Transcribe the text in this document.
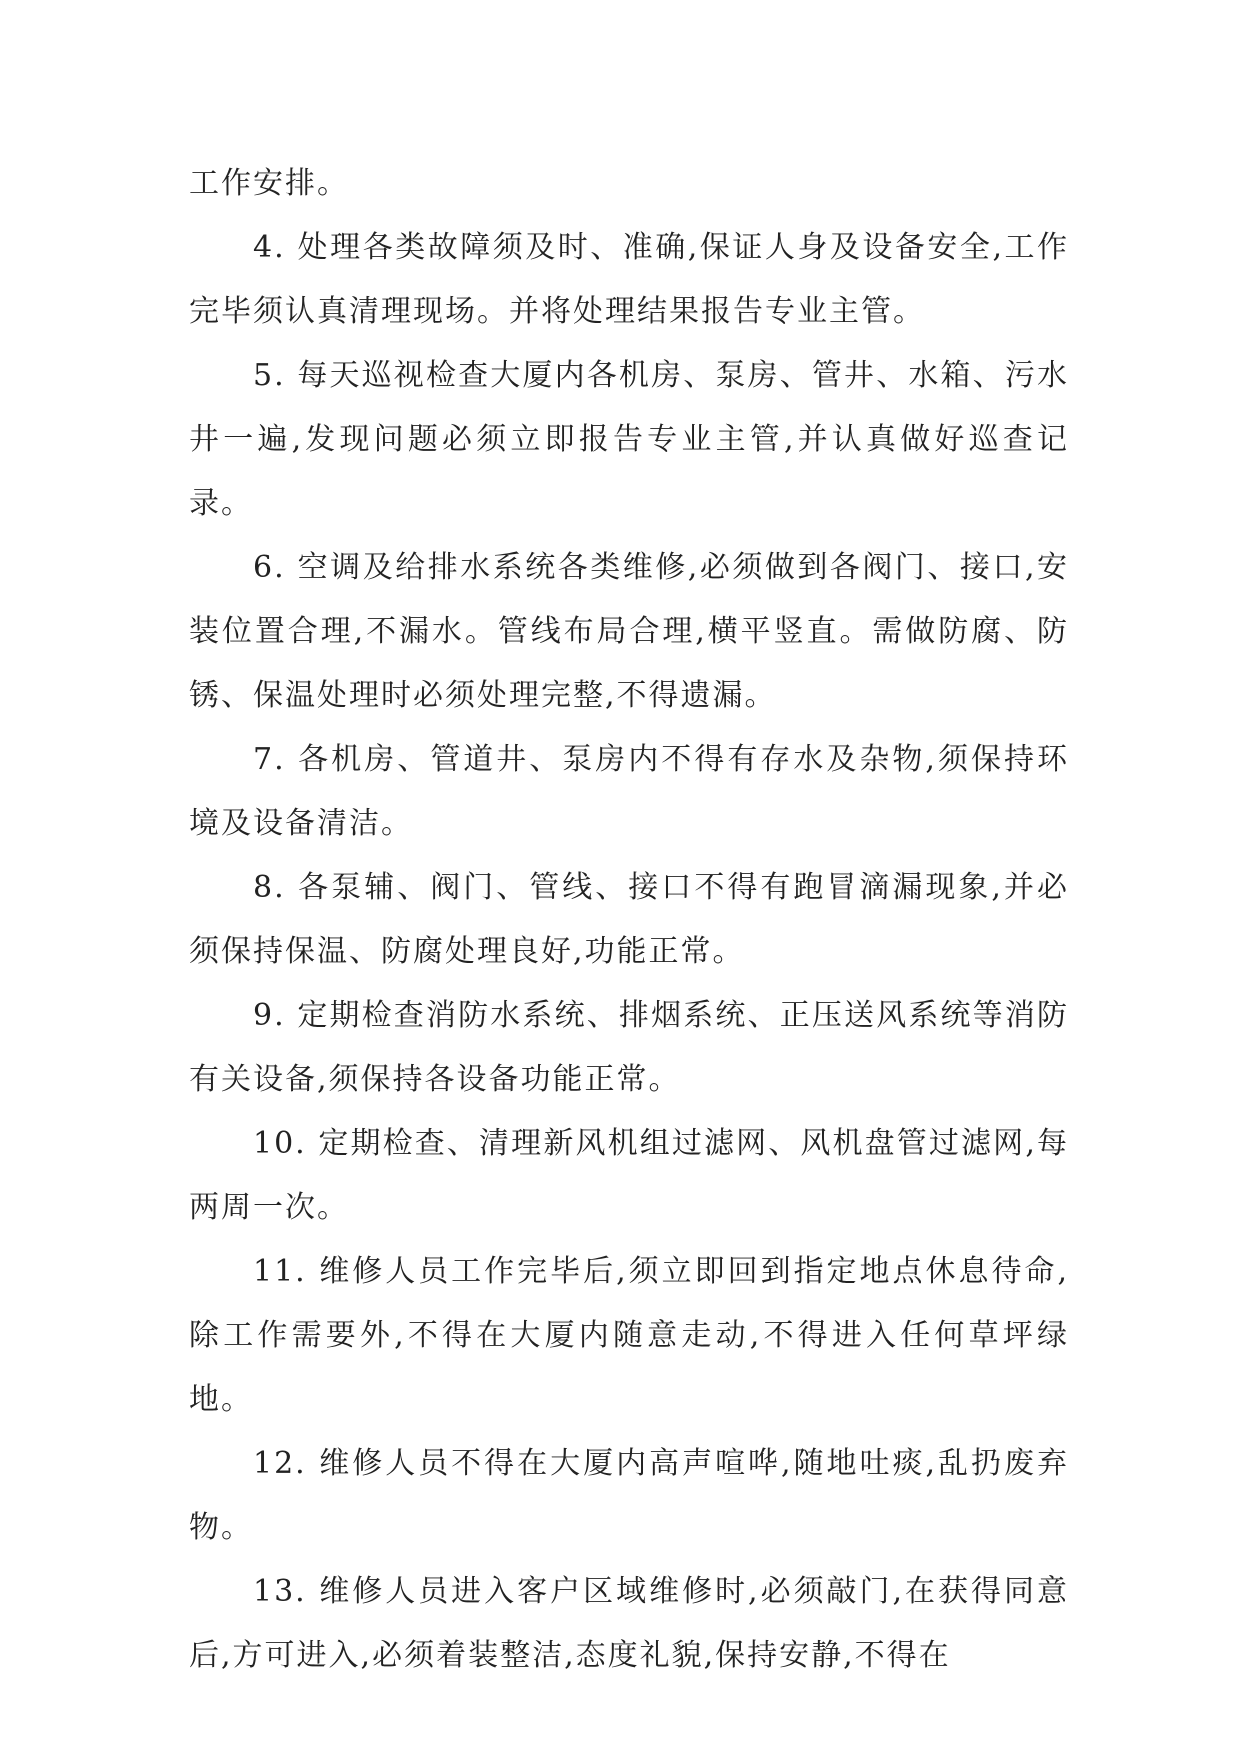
工作安排。

4. 处理各类故障须及时、准确,保证人身及设备安全,工作完毕须认真清理现场。并将处理结果报告专业主管。

5. 每天巡视检查大厦内各机房、泵房、管井、水箱、污水井一遍,发现问题必须立即报告专业主管,并认真做好巡查记录。

6. 空调及给排水系统各类维修,必须做到各阀门、接口,安装位置合理,不漏水。管线布局合理,横平竖直。需做防腐、防锈、保温处理时必须处理完整,不得遗漏。

7. 各机房、管道井、泵房内不得有存水及杂物,须保持环境及设备清洁。

8. 各泵辅、阀门、管线、接口不得有跑冒滴漏现象,并必须保持保温、防腐处理良好,功能正常。

9. 定期检查消防水系统、排烟系统、正压送风系统等消防有关设备,须保持各设备功能正常。

10. 定期检查、清理新风机组过滤网、风机盘管过滤网,每两周一次。

11. 维修人员工作完毕后,须立即回到指定地点休息待命,除工作需要外,不得在大厦内随意走动,不得进入任何草坪绿地。

12. 维修人员不得在大厦内高声喧哗,随地吐痰,乱扔废弃物。

13. 维修人员进入客户区域维修时,必须敲门,在获得同意后,方可进入,必须着装整洁,态度礼貌,保持安静,不得在
